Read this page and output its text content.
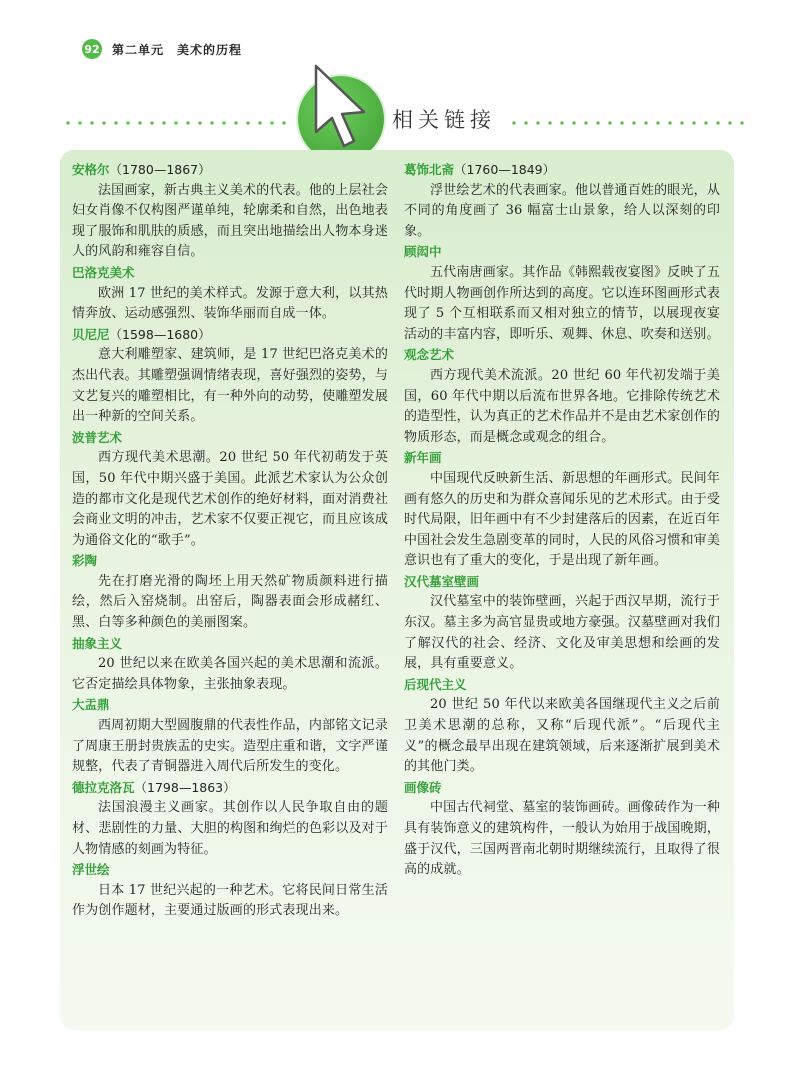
92 第二单元　美术的历程
相关链接
安格尔（1780—1867）

法国画家，新古典主义美术的代表。他的上层社会妇女肖像不仅构图严谨单纯，轮廓柔和自然，出色地表现了服饰和肌肤的质感，而且突出地描绘出人物本身迷人的风韵和雍容自信。

巴洛克美术

欧洲 17 世纪的美术样式。发源于意大利，以其热情奔放、运动感强烈、装饰华丽而自成一体。

贝尼尼（1598—1680）

意大利雕塑家、建筑师，是 17 世纪巴洛克美术的杰出代表。其雕塑强调情绪表现，喜好强烈的姿势，与文艺复兴的雕塑相比，有一种外向的动势，使雕塑发展出一种新的空间关系。

波普艺术

西方现代美术思潮。20 世纪 50 年代初萌发于英国，50 年代中期兴盛于美国。此派艺术家认为公众创造的都市文化是现代艺术创作的绝好材料，面对消费社会商业文明的冲击，艺术家不仅要正视它，而且应该成为通俗文化的“歌手”。

彩陶

先在打磨光滑的陶坯上用天然矿物质颜料进行描绘，然后入窑烧制。出窑后，陶器表面会形成赭红、黑、白等多种颜色的美丽图案。

抽象主义

20 世纪以来在欧美各国兴起的美术思潮和流派。它否定描绘具体物象，主张抽象表现。

大盂鼎

西周初期大型圆腹鼎的代表性作品，内部铭文记录了周康王册封贵族盂的史实。造型庄重和谐，文字严谨规整，代表了青铜器进入周代后所发生的变化。

德拉克洛瓦（1798—1863）

法国浪漫主义画家。其创作以人民争取自由的题材、悲剧性的力量、大胆的构图和绚烂的色彩以及对于人物情感的刻画为特征。

浮世绘

日本 17 世纪兴起的一种艺术。它将民间日常生活作为创作题材，主要通过版画的形式表现出来。

葛饰北斋（1760—1849）

浮世绘艺术的代表画家。他以普通百姓的眼光，从不同的角度画了 36 幅富士山景象，给人以深刻的印象。

顾闳中

五代南唐画家。其作品《韩熙载夜宴图》反映了五代时期人物画创作所达到的高度。它以连环图画形式表现了 5 个互相联系而又相对独立的情节，以展现夜宴活动的丰富内容，即听乐、观舞、休息、吹奏和送别。

观念艺术

西方现代美术流派。20 世纪 60 年代初发端于美国，60 年代中期以后流布世界各地。它排除传统艺术的造型性，认为真正的艺术作品并不是由艺术家创作的物质形态，而是概念或观念的组合。

新年画

中国现代反映新生活、新思想的年画形式。民间年画有悠久的历史和为群众喜闻乐见的艺术形式。由于受时代局限，旧年画中有不少封建落后的因素，在近百年中国社会发生急剧变革的同时，人民的风俗习惯和审美意识也有了重大的变化，于是出现了新年画。

汉代墓室壁画

汉代墓室中的装饰壁画，兴起于西汉早期，流行于东汉。墓主多为高官显贵或地方豪强。汉墓壁画对我们了解汉代的社会、经济、文化及审美思想和绘画的发展，具有重要意义。

后现代主义

20 世纪 50 年代以来欧美各国继现代主义之后前卫美术思潮的总称，又称“后现代派”。“后现代主义”的概念最早出现在建筑领域，后来逐渐扩展到美术的其他门类。

画像砖

中国古代祠堂、墓室的装饰画砖。画像砖作为一种具有装饰意义的建筑构件，一般认为始用于战国晚期，盛于汉代，三国两晋南北朝时期继续流行，且取得了很高的成就。
